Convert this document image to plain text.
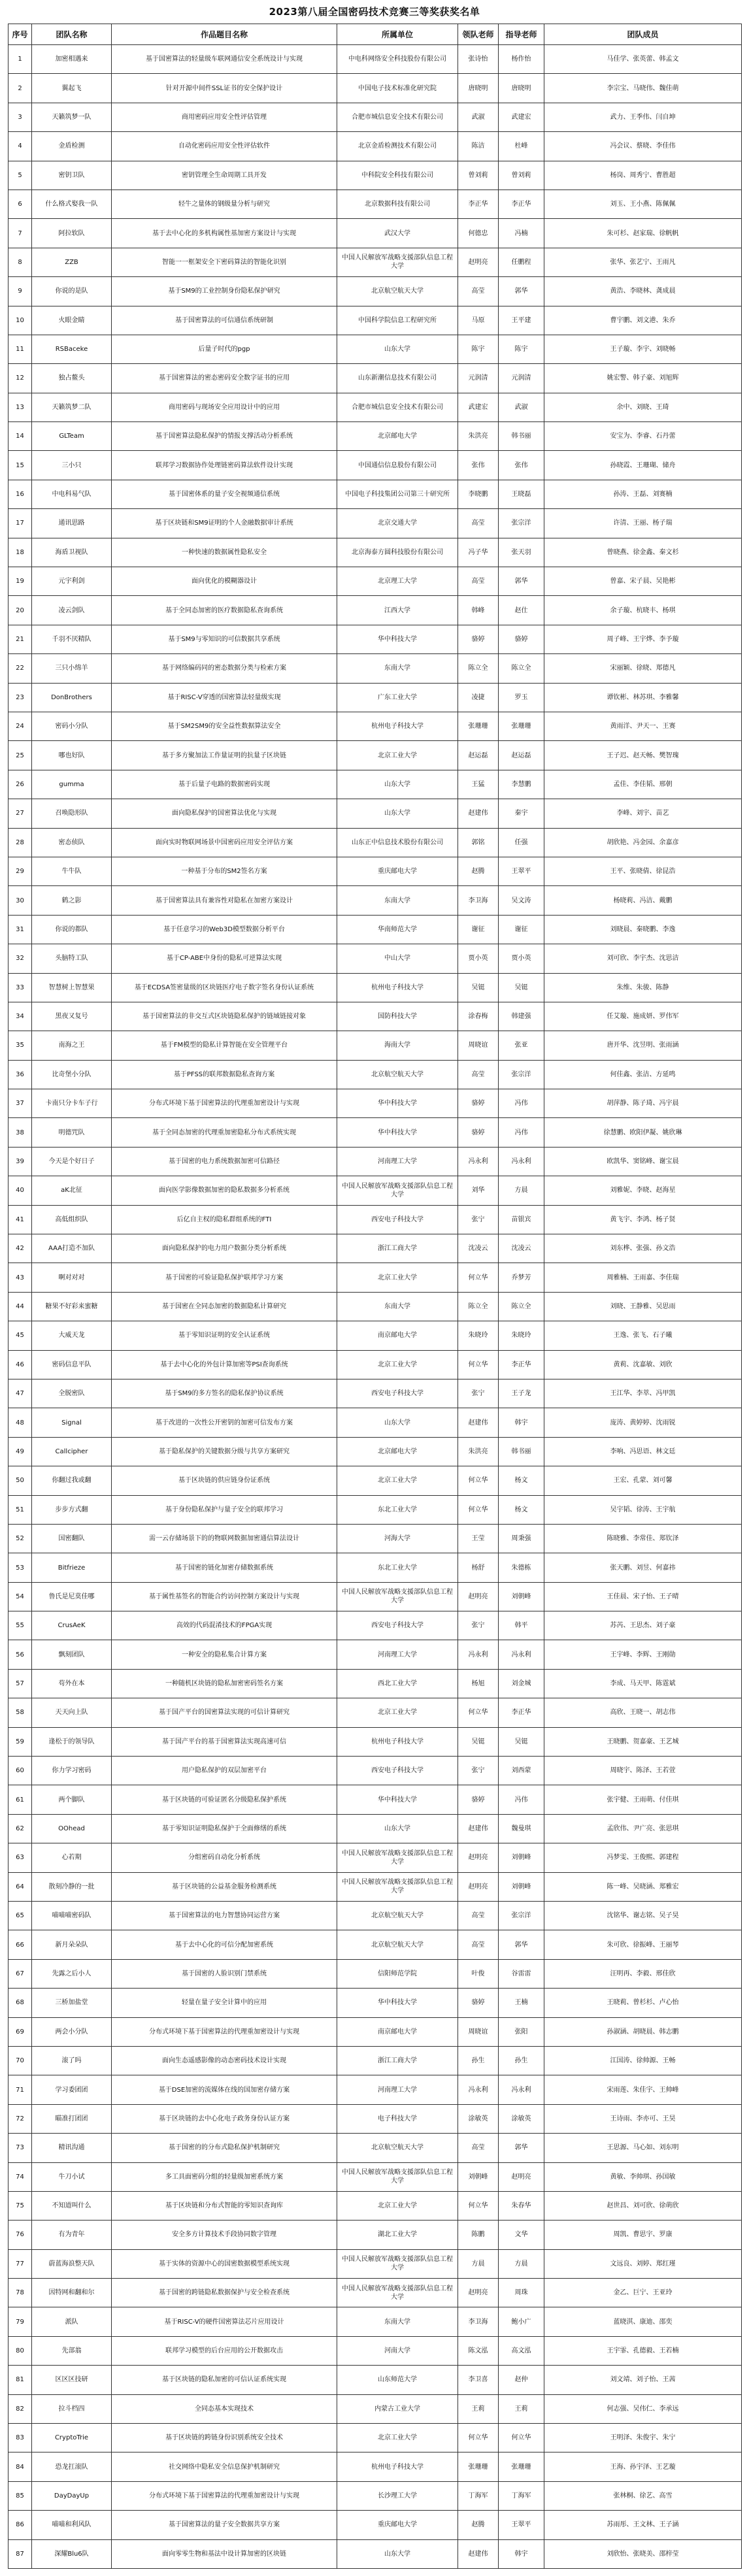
2023第八届全国密码技术竞赛三等奖获奖名单
序号	团队名称	作品题目名称	所属单位	领队老师	指导老师	团队成员
1	加密相遇来	基于国密算法的轻量级车联网通信安全系统设计与实现	中电科网络安全科技股份有限公司	张诗怡	杨作怡	马佳学、张英蕾、韩孟文
2	翼起飞	针对开源中间件SSL证书的安全保护设计	中国电子技术标准化研究院	唐晓明	唐晓明	李宗宝、马晓伟、魏佳萌
3	天籁筑梦一队	商用密码应用安全性评估管理	合肥市城信息安全技术有限公司	武淑	武建宏	武力、王季伟、闫自坤
4	金盾检测	自动化密码应用安全性评估软件	北京金盾检测技术有限公司	陈洁	杜峰	冯会议、蔡晓、李佳伟
5	密钥卫队	密钥管理全生命周期工具开发	中科院安全科技有限公司	曾刘莉	曾刘莉	杨岗、周秀宁、曹胜超
6	什么格式娶我一队	轻牛之量体的钢级量分析与研究	北京数据科技有限公司	李正华	李正华	刘玉、王小燕、陈佩佩
7	阿拉软队	基于去中心化的多机构属性基加密方案设计与实现	武汉大学	何德忠	冯楠	朱可杉、赵家瑞、徐帆帆
8	ZZB	智能一一框架安全下密码算法的智能化识别	中国人民解放军战略支援部队信息工程大学	赵明亮	任鹏程	张华、张艺宁、王雨凡
9	你说的是队	基于SM9的工业控制身份隐私保护研究	北京航空航天大学	高莹	郭华	黄浩、李晓林、龚成晨
10	火眼金睛	基于国密算法的可信通信系统研制	中国科学院信息工程研究所	马原	王平建	曹宇鹏、刘文港、朱乔
11	RSBaceke	后量子时代的pgp	山东大学	陈宇	陈宇	王子璇、李宇、刘晓畅
12	独占鳌头	基于国密算法的密态密码安全数字证书的应用	山东新潮信息技术有限公司	元润清	元润清	姚宏警、韩子豪、刘旭辉
13	天籁筑梦二队	商用密码与现场安全应用设计中的应用	合肥市城信息安全技术有限公司	武建宏	武淑	余中、刘晓、王琦
14	GLTeam	基于国密算法隐私保护的情报支撑活动分析系统	北京邮电大学	朱洪亮	韩书丽	安宝为、李睿、石丹蕾
15	三小只	联邦学习数据协作处理链密码算法软件设计实现	中国通信信息股份有限公司	张伟	张伟	孙晓霞、王珊瑚、储舟
16	中电科易气队	基于国密体系的量子安全视频通信系统	中国电子科技集团公司第三十研究所	李晓鹏	王晓磊	孙涛、王磊、刘赛楠
17	通讯思路	基于区块链和SM9证明的个人金融数据审计系统	北京交通大学	高莹	张宗洋	许清、王丽、杨子瑞
18	海盾卫视队	一种快速的数据属性隐私安全	北京海泰方圆科技股份有限公司	冯子华	张天羽	曾晓燕、徐金鑫、秦文杉
19	元宇利剑	面向优化的模糊器设计	北京理工大学	高莹	郭华	曾嘉、宋子晨、吴艳彬
20	凌云剑队	基于全同态加密的医疗数据隐私查询系统	江西大学	韩峰	赵仕	余子璇、杭晓丰、杨琪
21	千羽不厌精队	基于SM9与零知识的可信数据共享系统	华中科技大学	骆婷	骆婷	周子峰、王宇烨、李予璇
22	三只小绵羊	基于网络编码同的密态数据分类与检索方案	东南大学	陈立全	陈立全	宋丽颖、徐晓、郑德凡
23	DonBrothers	基于RISC-V穿透的国密算法轻量级实现	广东工业大学	凌捷	罗玉	谭钦彬、林苏琪、李雅馨
24	密码小分队	基于SM2SM9的安全益性数据算法安全	杭州电子科技大学	张珊珊	张珊珊	黄雨洋、尹天一、王赛
25	哪也好队	基于多方聚加法工作量证明的抗量子区块链	北京工业大学	赵运磊	赵运磊	王子迟、赵天畅、樊智瑰
26	gumma	基于后量子电路的数据密码实现	山东大学	王猛	李慧鹏	孟佳、李佳韬、邢朝
27	召唤隐形队	面向隐私保护的国密算法优化与实现	山东大学	赵建伟	秦宇	李峰、刘宇、苗艺
28	密态侦队	面向实时物联网场景中国密码应用安全评估方案	山东正中信息技术股份有限公司	郭铭	任强	胡欣艳、冯金园、余嘉彦
29	牛牛队	一种基于分布的SM2签名方案	重庆邮电大学	赵腾	王翠平	王平、张晓倩、徐昆浩
30	鹤之影	基于国密算法具有兼容性对隐私在加密方案设计	东南大学	李卫海	吴文涛	杨晓莉、冯洁、戴鹏
31	你说的都队	基于任意学习的Web3D模型数据分析平台	华南师范大学	谢征	谢征	刘晓晨、秦晓鹏、李逸
32	头脑特工队	基于CP-ABE中身份的隐私可逆算法实现	中山大学	贾小英	贾小英	刘可欣、李宇杰、沈思洁
33	智慧树上智慧果	基于ECDSA签密量级的区块链医疗电子数字签名身份认证系统	杭州电子科技大学	吴铤	吴铤	朱维、朱骏、陈静
34	黑夜又复号	基于国密算法的非交互式区块链隐私保护的链域链接对象	国防科技大学	涂春梅	韩建强	任艾璇、施成妍、罗伟军
35	南海之王	基于FM模型的隐私计算智能在安全管理平台	海南大学	周晓谊	张亚	唐开华、沈昱明、张雨涵
36	比奇堡小分队	基于PFSS的联邦数据隐私查询方案	北京航空航天大学	高莹	张宗洋	何佳鑫、张洁、方延鸣
37	卡南只分卡车子行	分布式环境下基于国密算法的代理重加密设计与实现	华中科技大学	骆婷	冯伟	胡萍静、陈子琦、冯宇晨
38	明德咒队	基于全同态加密的代理重加密隐私分布式系统实现	华中科技大学	骆婷	冯伟	徐慧鹏、欧阳伊凝、姚欣琳
39	今天是个好日子	基于国密的电力系统数据加密可信路径	河南理工大学	冯永利	冯永利	欧凯华、窦铭峰、谢宝晨
40	aK北征	面向医学影像数据加密的隐私数据多分析系统	中国人民解放军战略支援部队信息工程大学	刘华	方晨	刘雅妮、李晓、赵海星
41	高低组织队	后亿自主权的隐私群组系统的FTI	西安电子科技大学	张宁	苗银宾	黄飞宇、李鸿、杨子贤
42	AAA打造不加队	面向隐私保护的电力用户数据分类分析系统	浙江工商大学	沈凌云	沈凌云	刘东桦、张强、孙文浩
43	啊对对对	基于国密的可验证隐私保护联邦学习方案	北京工业大学	何立华	乔梦芳	周雅楠、王雨嘉、李佳瑞
44	糖果不好彩来蜜糖	基于国密在全同态加密的数据隐私计算研究	东南大学	陈立全	陈立全	刘晓、王静雅、吴思雨
45	大威天龙	基于零知识证明的安全认证系统	南京邮电大学	朱晓玲	朱晓玲	王逸、张飞、石子曦
46	密码信息平队	基于去中心化的外包计算加密等PSI查询系统	北京工业大学	何立华	李正华	黄莉、沈嘉敏、刘欣
47	全脱密队	基于SM9的多方签名的隐私保护协议系统	西安电子科技大学	张宁	王子龙	王江华、李萃、冯甲凯
48	Signal	基于改进的一次性公开密钥的加密可信发布方案	山东大学	赵建伟	韩宇	庞涛、黄婷婷、沈雨锐
49	Callcipher	基于隐私保护的关键数据分级与共享方案研究	北京邮电大学	朱洪亮	韩书丽	李响、冯思语、林文廷
50	你翻过我或翻	基于区块链的供应链身份证系统	北京工业大学	何立华	杨文	王宏、孔蒙、刘可馨
51	步步方式翻	基于身份隐私保护与量子安全的联邦学习	东北工业大学	何立华	杨文	吴宇韬、徐涛、王宇航
52	国密翻队	需一云存储场景下的的物联网数据加密通信算法设计	河海大学	王莹	周秉强	陈晓雅、李常佳、郑钦泽
53	Bitfrieze	基于国密的链化加密存储数据系统	东北工业大学	杨舒	朱德栋	张天鹏、刘昱、何嘉祎
54	鲁氏是尼莫佳哪	基于属性基签名的智能合约访问控制方案设计与实现	中国人民解放军战略支援部队信息工程大学	赵明亮	刘朝峰	王佳晨、宋子怡、王子晴
55	CrusAeK	高效的代码混淆技术的FPGA实现	西安电子科技大学	张宁	韩平	苏芮、王思杰、刘子豪
56	飘刻团队	一种安全的隐私集合计算方案	河南理工大学	冯永利	冯永利	王宇峰、李辉、王刚勋
57	苟外在本	一种随机区块链的隐私加密密码签名方案	西北工业大学	杨旭	刘金城	李成、马天甲、陈霆斌
58	天天向上队	基于国产平台的国密算法实现的可信计算研究	北京工业大学	何立华	李正华	高欣、王晓一、胡志伟
59	逢松于的领导队	基于国产平台的基于国密算法实现高速可信	杭州电子科技大学	吴铤	吴铤	王晓鹏、贺嘉豪、王艺城
60	你力学习密码	用户隐私保护的双层加密平台	西安电子科技大学	张宁	刘西蒙	周晓宇、陈泽、王若萱
61	两个脚队	基于区块链的可验证匿名分级隐私保护系统	华中科技大学	骆婷	冯伟	张宇健、王雨萌、付佳琪
62	OOhead	基于零知识证明隐私保护于全面修缮的系统	山东大学	赵建伟	魏曼琪	孟欣伟、尹广亮、张思琪
63	心若期	分组密码自动化分析系统	中国人民解放军战略支援部队信息工程大学	赵明亮	刘朝峰	冯梦雯、王俊熙、郭建程
64	散刻冷静的一批	基于区块链的公益基金服务检测系统	中国人民解放军战略支援部队信息工程大学	赵明亮	刘朝峰	陈一峰、吴晓涵、郑雅宏
65	喵喵喵密码队	基于国密算法的电力智慧协同运营方案	北京航空航天大学	高莹	张宗洋	沈铭华、谢志铭、吴子昊
66	新月朵朵队	基于去中心化的可信分配加密系统	北京航空航天大学	高莹	郭华	朱可欣、徐振峰、王丽琴
67	先露之后小人	基于国密的人脸识别门禁系统	信阳师范学院	叶俊	谷雷雷	汪明再、李毅、邢佳欣
68	三桥加盐堂	轻量在量子安全计算中的应用	华中科技大学	骆婷	王楠	王晓莉、曾杉杉、卢心怡
69	两会小分队	分布式环境下基于国密算法的代理重加密设计与实现	南京邮电大学	周晓谊	张阳	孙淑涵、胡晓晨、韩志鹏
70	滚了吗	面向生态遥感影像的动态密码技术设计实现	浙江工商大学	孙生	孙生	江国涛、徐帅源、王畅
71	学习委团团	基于DSE加密的流媒体在线的国加密存储方案	河南理工大学	冯永利	冯永利	宋雨莲、朱佳宇、王帅峰
72	瞄准打团团	基于区块链的去中心化电子政务身份认证方案	电子科技大学	涂敏英	涂敏英	王诗雨、李亦可、王昊
73	精讯沟通	基于国密的的分布式隐私保护机制研究	北京航空航天大学	高莹	郭华	王思源、马心如、刘东明
74	牛刀小试	多工具面密码分组的轻量级加密系统方案	中国人民解放军战略支援部队信息工程大学	刘朝峰	赵明亮	黄敏、李帅琪、孙国敏
75	不知道叫什么	基于区块链和分布式智能的零知识查询库	北京工业大学	何立华	朱春华	赵世昌、刘可欣、徐萌欣
76	有为青年	安全多方计算技术手段协同数字管理	湖北工业大学	陈鹏	文华	周凯、曹思宇、罗康
77	蔚蓝海浪整天队	基于实体的资源中心的国密数据模型系统实现	中国人民解放军战略支援部队信息工程大学	方晨	方晨	文远良、刘婷、郑红瑾
78	因特网和翻和尔	基于国密的跨链隐私数据保护与安全检查系统	中国人民解放军战略支援部队信息工程大学	赵明亮	周珠	金乙、巨宁、王亚玲
79	派队	基于RISC-V的硬件国密算法芯片应用设计	东南大学	李卫海	鲍小广	蓝晓淇、康迪、邵奕
80	先部翁	联邦学习模型的后台应用的公开数据攻击	河南大学	陈文泓	高文泓	王宇霏、孔德毅、王若楠
81	区区区技研	基于区块链的隐私加密的可信认证系统实现	山东师范大学	李卫喜	赵仲	刘文靖、刘子怡、王茜
82	拉斗档四	全同态基本实现技术	内蒙古工业大学	王莉	王莉	何志强、吴伟仁、李承远
83	CryptoTrie	基于区块链的跨链身份识别系统安全技术	北京工业大学	何立华	何立华	王明泽、朱俊宇、朱宁
84	恐龙扛滚队	社交网络中隐私安全信息保护机制研究	杭州电子科技大学	张珊珊	张珊珊	王海、孙宇泽、王艺璇
85	DayDayUp	分布式环境下基于国密算法的代理重加密设计与实现	长沙理工大学	丁海军	丁海军	张林桐、徐艺、高雪
86	喵喵和利风队	基于国密算法的量子安全数据共享方案	重庆邮电大学	赵腾	王翠平	苏雨彤、王文林、王子涵
87	深耀Blu6队	面向零零生物和基法中设计算加密的区块链	山东大学	赵建伟	韩宇	刘欣怡、张晓美、邵梓莹
